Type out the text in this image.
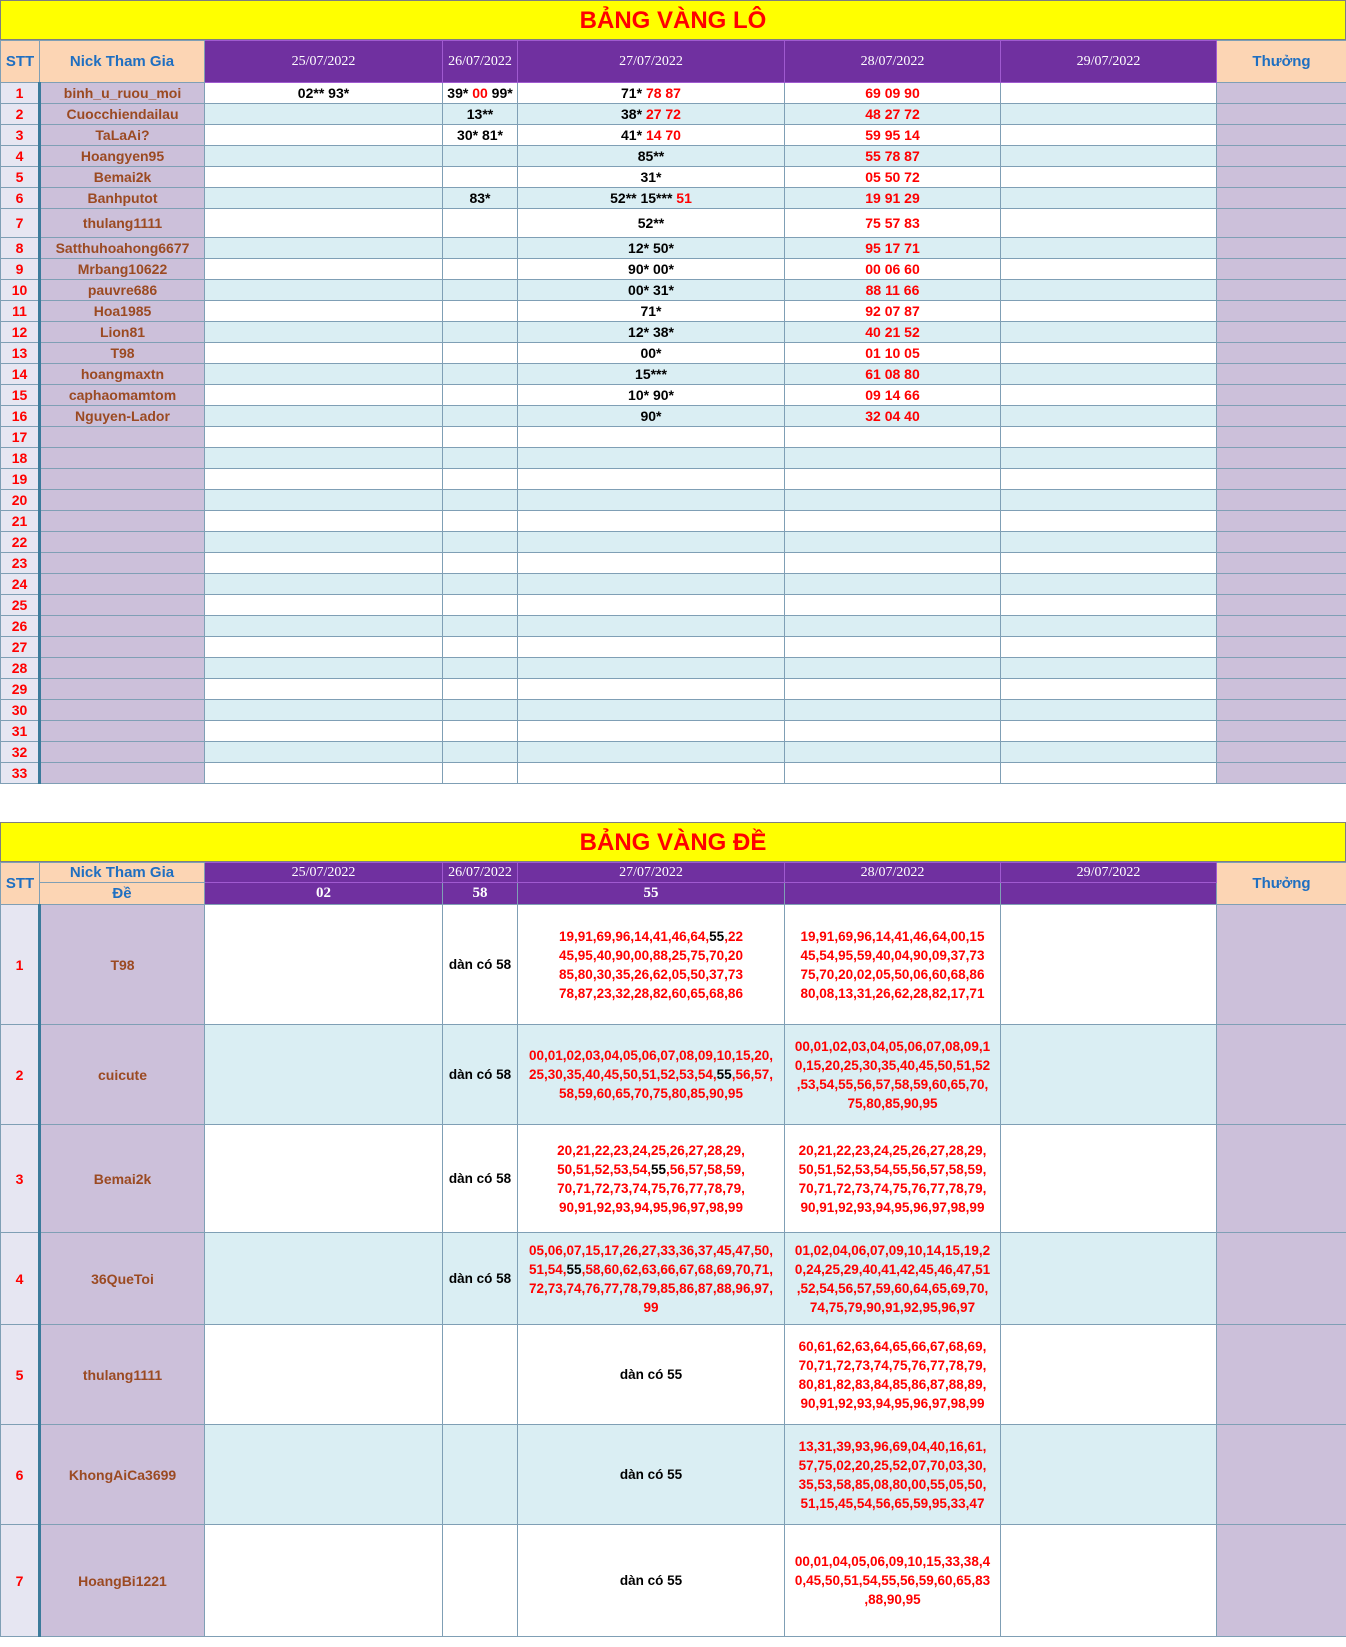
BẢNG VÀNG LÔ
STT	Nick Tham Gia	25/07/2022	26/07/2022	27/07/2022	28/07/2022	29/07/2022	Thưởng
1	binh_u_ruou_moi	02** 93*	39* 00 99*	71* 78 87	69 09 90		

2	Cuocchiendailau		13**	38* 27 72	48 27 72		

3	TaLaAi?		30* 81*	41* 14 70	59 95 14		

4	Hoangyen95			85**	55 78 87		

5	Bemai2k			31*	05 50 72		

6	Banhputot		83*	52** 15*** 51	19 91 29		

7	thulang1111			52**	75 57 83		

8	Satthuhoahong6677			12* 50*	95 17 71		

9	Mrbang10622			90* 00*	00 06 60		

10	pauvre686			00* 31*	88 11 66		

11	Hoa1985			71*	92 07 87		

12	Lion81			12* 38*	40 21 52		

13	T98			00*	01 10 05		

14	hoangmaxtn			15***	61 08 80		

15	caphaomamtom			10* 90*	09 14 66		

16	Nguyen-Lador			90*	32 04 40		

17		

18		

19		

20		

21		

22		

23		

24		

25		

26		

27		

28		

29		

30		

31		

32		

33		

BẢNG VÀNG ĐỀ
STT	Nick Tham Gia	25/07/2022	26/07/2022	27/07/2022	28/07/2022	29/07/2022	Thưởng
	Đề	02	58	55			
1	T98		dàn có 58	19,91,69,96,14,41,46,64,55,22 45,95,40,90,00,88,25,75,70,20 85,80,30,35,26,62,05,50,37,73 78,87,23,32,28,82,60,65,68,86	19,91,69,96,14,41,46,64,00,15 45,54,95,59,40,04,90,09,37,73 75,70,20,02,05,50,06,60,68,86 80,08,13,31,26,62,28,82,17,71		

2	cuicute		dàn có 58	00,01,02,03,04,05,06,07,08,09,10,15,20, 25,30,35,40,45,50,51,52,53,54,55,56,57, 58,59,60,65,70,75,80,85,90,95	00,01,02,03,04,05,06,07,08,09,1 0,15,20,25,30,35,40,45,50,51,52 ,53,54,55,56,57,58,59,60,65,70, 75,80,85,90,95		

3	Bemai2k		dàn có 58	20,21,22,23,24,25,26,27,28,29, 50,51,52,53,54,55,56,57,58,59, 70,71,72,73,74,75,76,77,78,79, 90,91,92,93,94,95,96,97,98,99	20,21,22,23,24,25,26,27,28,29, 50,51,52,53,54,55,56,57,58,59, 70,71,72,73,74,75,76,77,78,79, 90,91,92,93,94,95,96,97,98,99		

4	36QueToi		dàn có 58	05,06,07,15,17,26,27,33,36,37,45,47,50, 51,54,55,58,60,62,63,66,67,68,69,70,71, 72,73,74,76,77,78,79,85,86,87,88,96,97, 99	01,02,04,06,07,09,10,14,15,19,2 0,24,25,29,40,41,42,45,46,47,51 ,52,54,56,57,59,60,64,65,69,70, 74,75,79,90,91,92,95,96,97		

5	thulang1111			dàn có 55	60,61,62,63,64,65,66,67,68,69, 70,71,72,73,74,75,76,77,78,79, 80,81,82,83,84,85,86,87,88,89, 90,91,92,93,94,95,96,97,98,99		

6	KhongAiCa3699			dàn có 55	13,31,39,93,96,69,04,40,16,61, 57,75,02,20,25,52,07,70,03,30, 35,53,58,85,08,80,00,55,05,50, 51,15,45,54,56,65,59,95,33,47		

7	HoangBi1221			dàn có 55	00,01,04,05,06,09,10,15,33,38,4 0,45,50,51,54,55,56,59,60,65,83 ,88,90,95		
